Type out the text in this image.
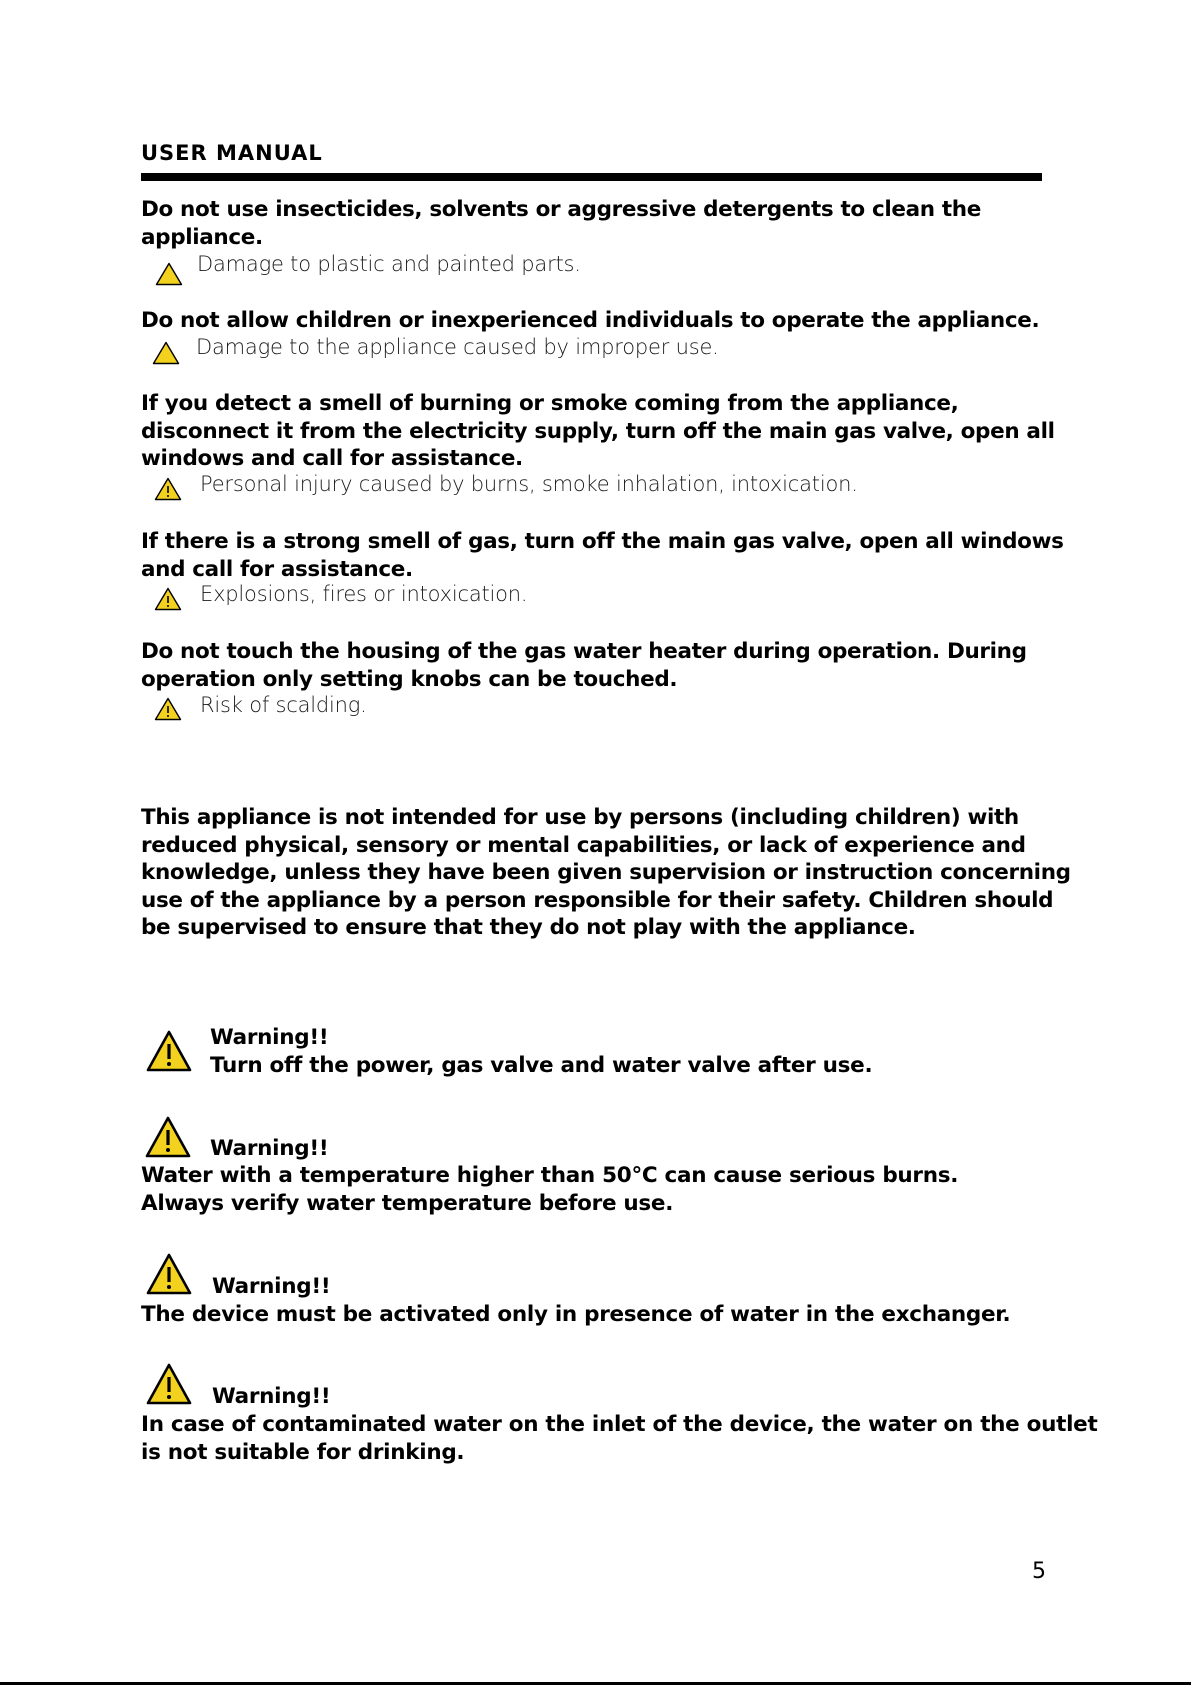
USER MANUAL
Do not use insecticides, solvents or aggressive detergents to clean the
appliance.
Damage to plastic and painted parts.
Do not allow children or inexperienced individuals to operate the appliance.
Damage to the appliance caused by improper use.
If you detect a smell of burning or smoke coming from the appliance,
disconnect it from the electricity supply, turn off the main gas valve, open all
windows and call for assistance.
Personal injury caused by burns, smoke inhalation, intoxication.
If there is a strong smell of gas, turn off the main gas valve, open all windows
and call for assistance.
Explosions, fires or intoxication.
Do not touch the housing of the gas water heater during operation. During
operation only setting knobs can be touched.
Risk of scalding.
This appliance is not intended for use by persons (including children) with
reduced physical, sensory or mental capabilities, or lack of experience and
knowledge, unless they have been given supervision or instruction concerning
use of the appliance by a person responsible for their safety. Children should
be supervised to ensure that they do not play with the appliance.
Warning!!
Turn off the power, gas valve and water valve after use.
Warning!!
Water with a temperature higher than 50°C can cause serious burns.
Always verify water temperature before use.
Warning!!
The device must be activated only in presence of water in the exchanger.
Warning!!
In case of contaminated water on the inlet of the device, the water on the outlet
is not suitable for drinking.
5
